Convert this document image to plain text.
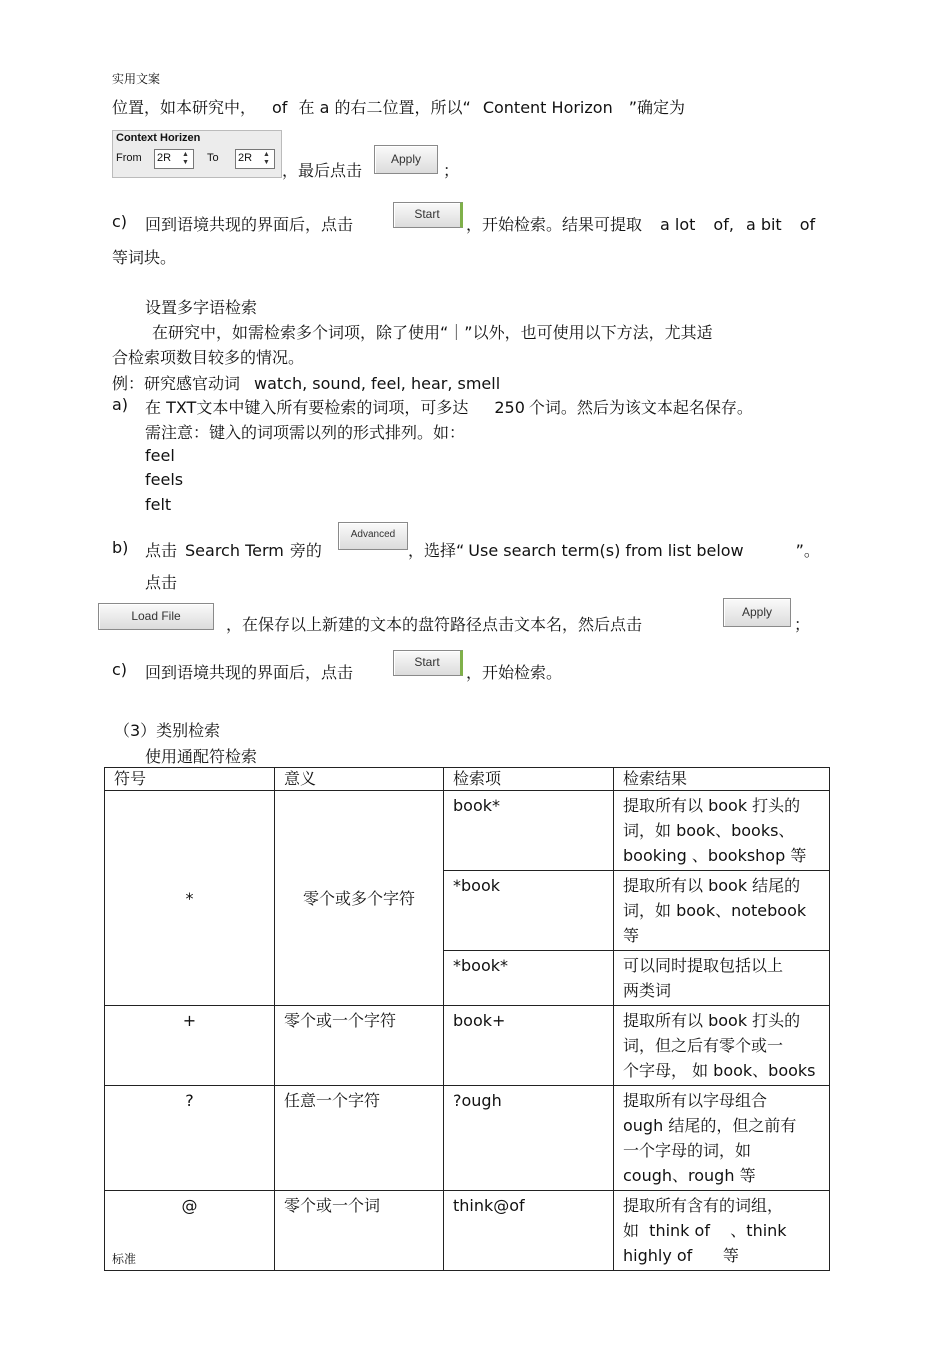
实用文案
位置，如本研究中， of 在 a 的右二位置，所以“ Content Horizon ”确定为
Context Horizen
From 2R ▲
▼ To 2R ▲
▼ ，最后点击
Apply
；
c) 回到语境共现的界面后，点击
Start
，开始检索。结果可提取 a lot of, a bit of
等词块。
设置多字语检索
在研究中，如需检索多个词项，除了使用“｜”以外，也可使用以下方法，尤其适
合检索项数目较多的情况。
例：研究感官动词 watch, sound, feel, hear, smell
a) 在 TXT文本中键入所有要检索的词项，可多达 250 个词。然后为该文本起名保存。
需注意：键入的词项需以列的形式排列。如：
feel
feels
felt
b) 点击 Search Term 旁的
Advanced
，选择“ Use search term(s) from list below	”。
点击
Load File	，在保存以上新建的文本的盘符路径点击文本名，然后点击
Apply
；
c) 回到语境共现的界面后，点击
Start
，开始检索。
（3）类别检索
使用通配符检索
符号	意义	检索项	检索结果
*	零个或多个字符	book*	提取所有以 book 打头的
词，如 book、books、
booking 、bookshop 等

		*book	提取所有以 book 结尾的
词，如 book、notebook
等

		*book*	可以同时提取包括以上
两类词

+	零个或一个字符	book+	提取所有以 book 打头的
词，但之后有零个或一
个字母， 如 book、books

?	任意一个字符	?ough	提取所有以字母组合
ough 结尾的，但之前有
一个字母的词，如
cough、rough 等

@	零个或一个词	think@of	提取所有含有的词组，
如  think of    、think
highly of      等
标准
